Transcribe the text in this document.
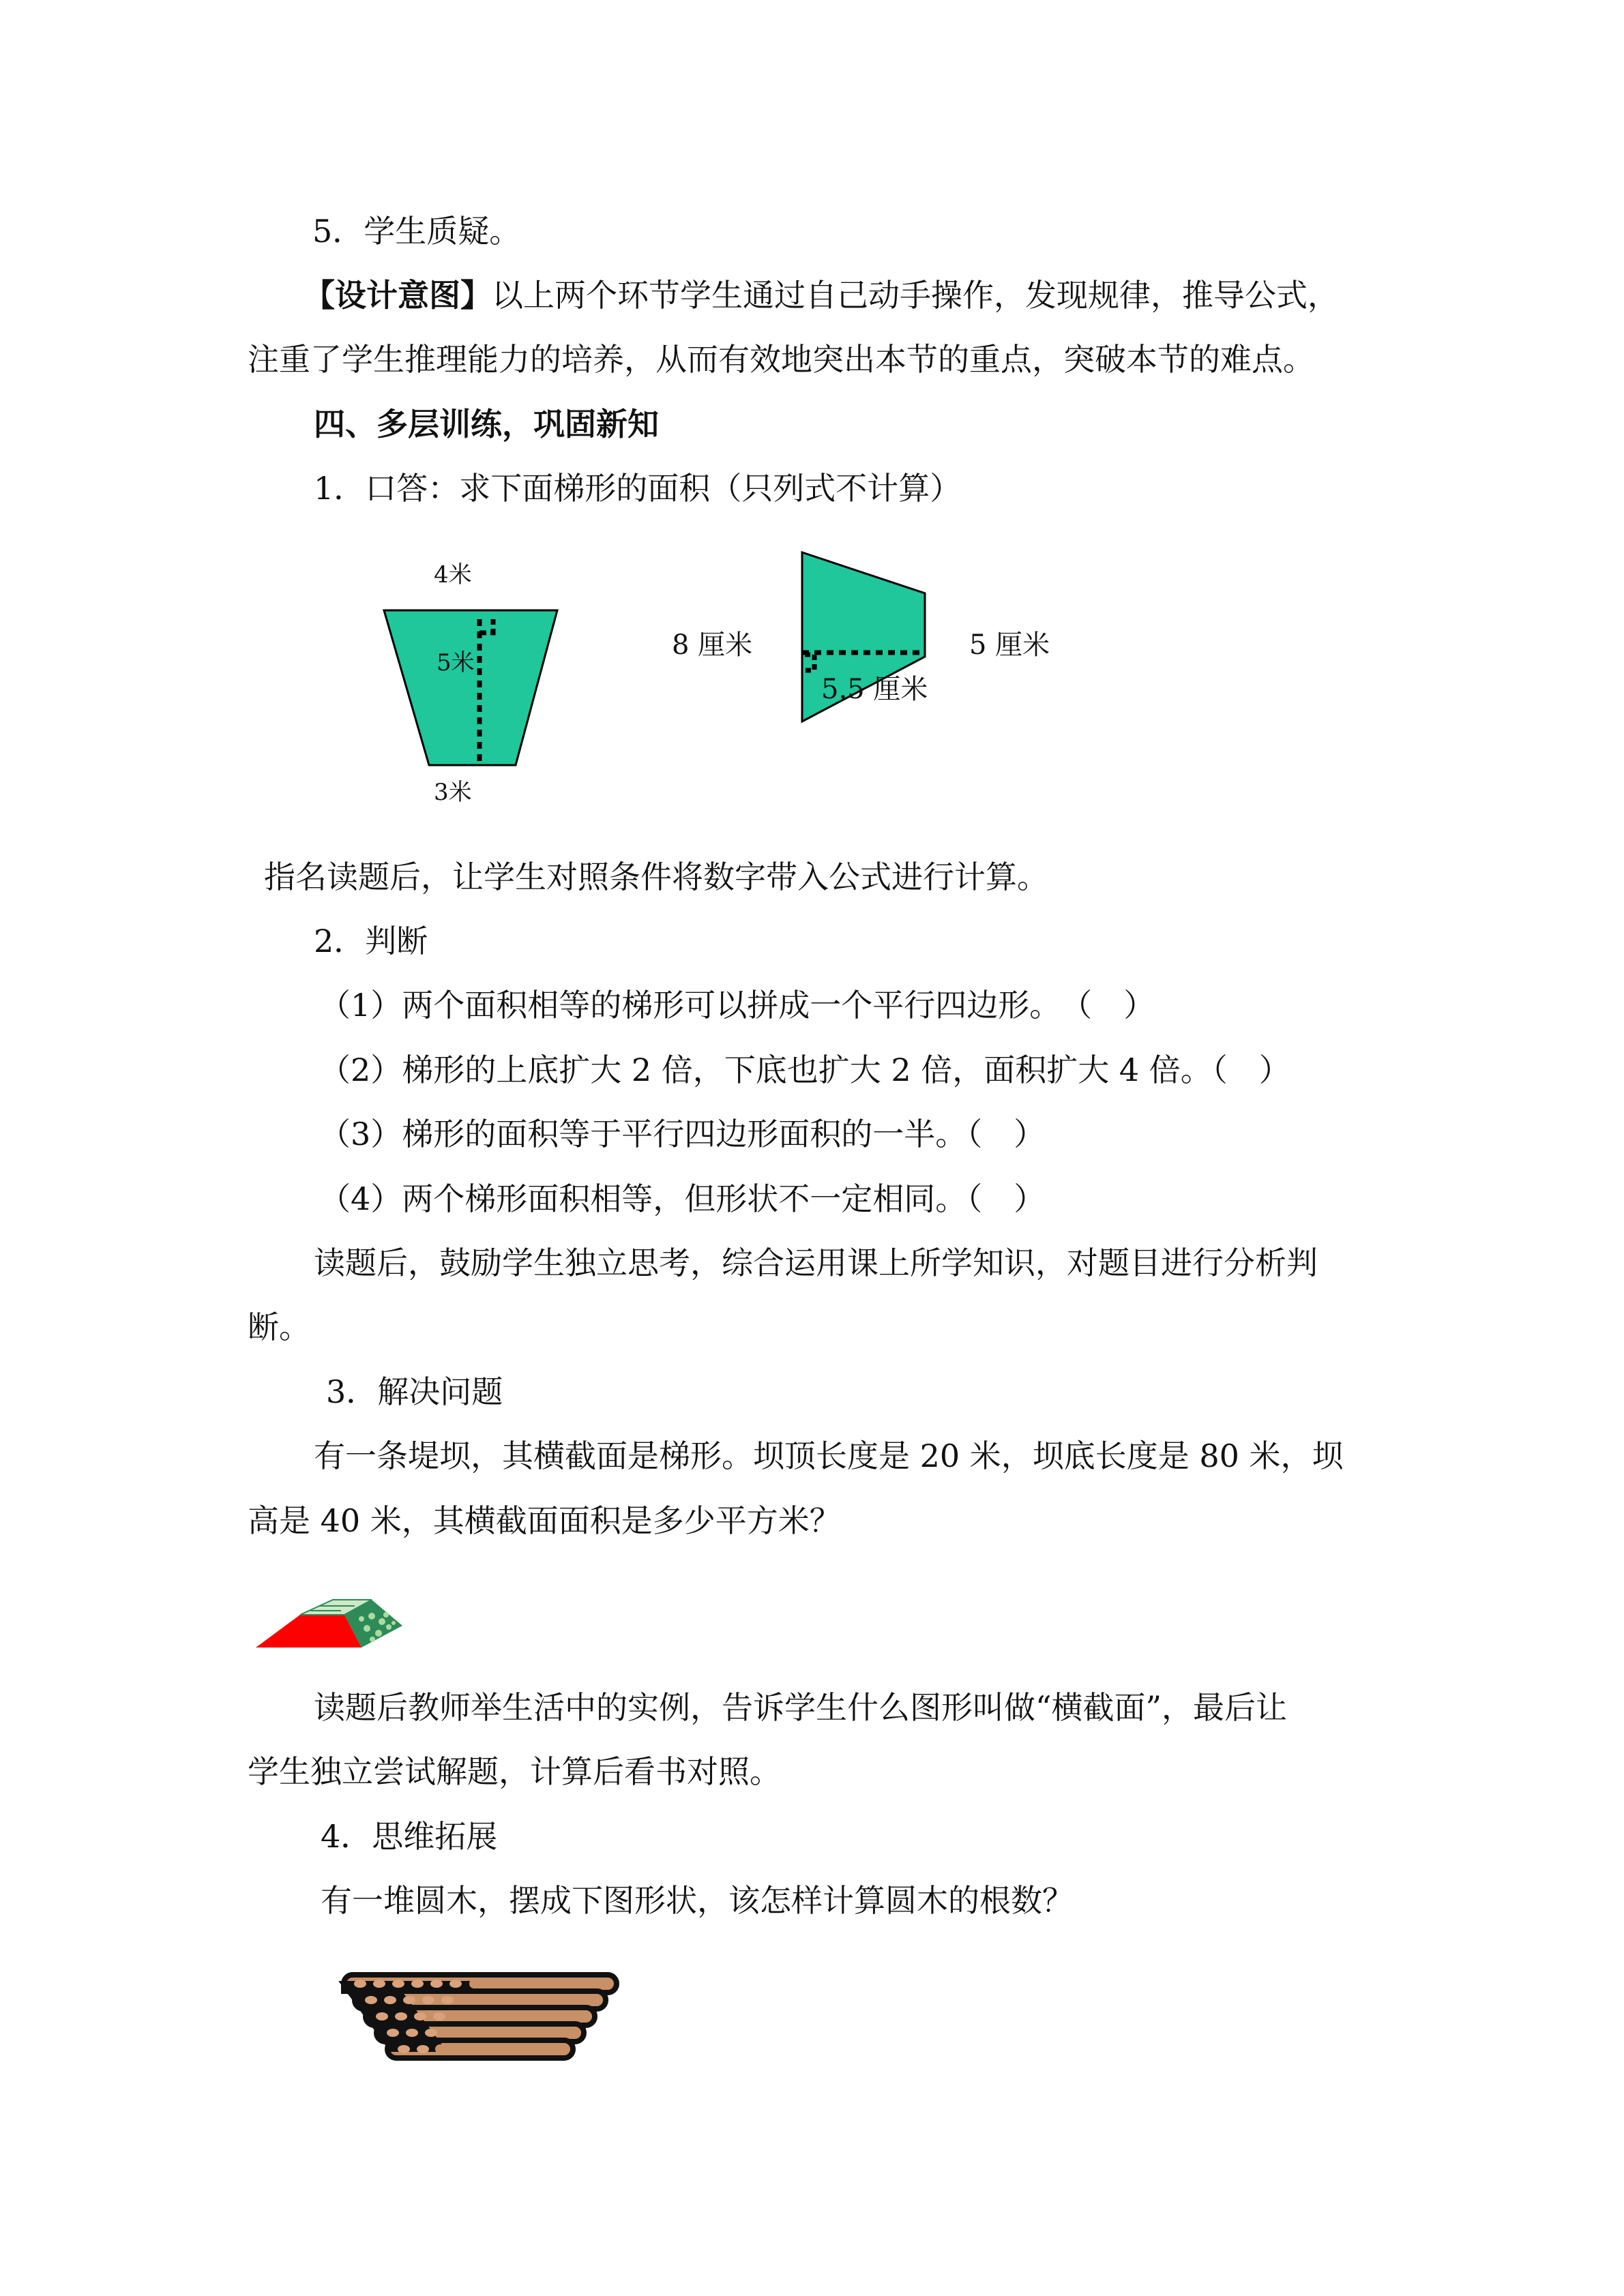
5．学生质疑。
【设计意图】以上两个环节学生通过自己动手操作，发现规律，推导公式，
注重了学生推理能力的培养，从而有效地突出本节的重点，突破本节的难点。
四、多层训练，巩固新知
1．口答：求下面梯形的面积（只列式不计算）
4米
5米
3米
8 厘米	5 厘米
5.5 厘米
指名读题后，让学生对照条件将数字带入公式进行计算。
2．判断
（1）两个面积相等的梯形可以拼成一个平行四边形。　（　）
（2）梯形的上底扩大 2 倍，下底也扩大 2 倍，面积扩大 4 倍。（　）
（3）梯形的面积等于平行四边形面积的一半。（　）
（4）两个梯形面积相等，但形状不一定相同。（　）
读题后，鼓励学生独立思考，综合运用课上所学知识，对题目进行分析判
断。
3．解决问题
有一条堤坝，其横截面是梯形。坝顶长度是 20 米，坝底长度是 80 米，坝
高是 40 米，其横截面面积是多少平方米？
读题后教师举生活中的实例，告诉学生什么图形叫做“横截面”，最后让
学生独立尝试解题，计算后看书对照。
4．思维拓展
有一堆圆木，摆成下图形状，该怎样计算圆木的根数？
